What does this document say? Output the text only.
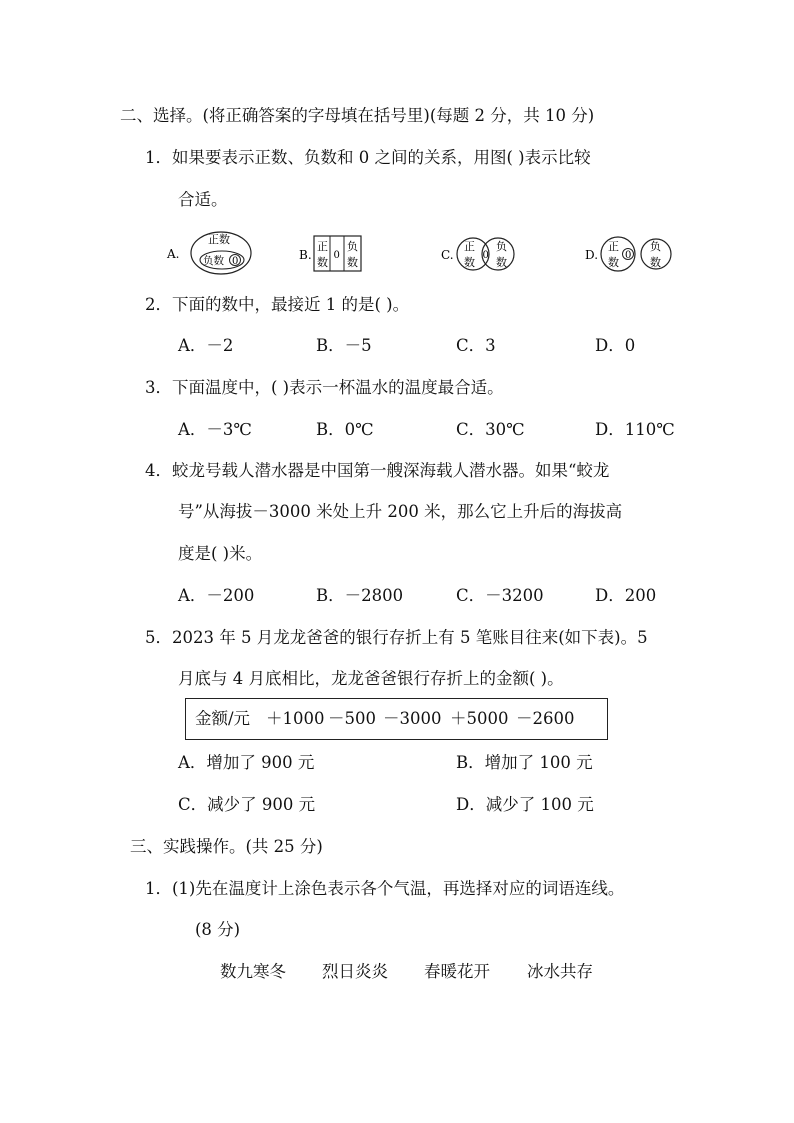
二、选择。(将正确答案的字母填在括号里)(每题 2 分，共 10 分)
1．如果要表示正数、负数和 0 之间的关系，用图( )表示比较
合适。
A.
正数
负数 0	B.
正
数
0
负
数
C.
正
数
0
负
数
D.
正
数
0
负
数
2．下面的数中，最接近 1 的是( )。
A．－2	B．－5	C．3	D．0
3．下面温度中，( )表示一杯温水的温度最合适。
A．－3℃	B．0℃	C．30℃	D．110℃
4．蛟龙号载人潜水器是中国第一艘深海载人潜水器。如果“蛟龙
号”从海拔－3000 米处上升 200 米，那么它上升后的海拔高
度是( )米。
A．－200	B．－2800	C．－3200	D．200
5．2023 年 5 月龙龙爸爸的银行存折上有 5 笔账目往来(如下表)。5
月底与 4 月底相比，龙龙爸爸银行存折上的金额( )。
金额/元 ＋1000 －500 －3000 ＋5000 －2600
A．增加了 900 元	B．增加了 100 元
C．减少了 900 元	D．减少了 100 元
三、实践操作。(共 25 分)
1．(1)先在温度计上涂色表示各个气温，再选择对应的词语连线。
(8 分)
数九寒冬 烈日炎炎 春暖花开 冰水共存
